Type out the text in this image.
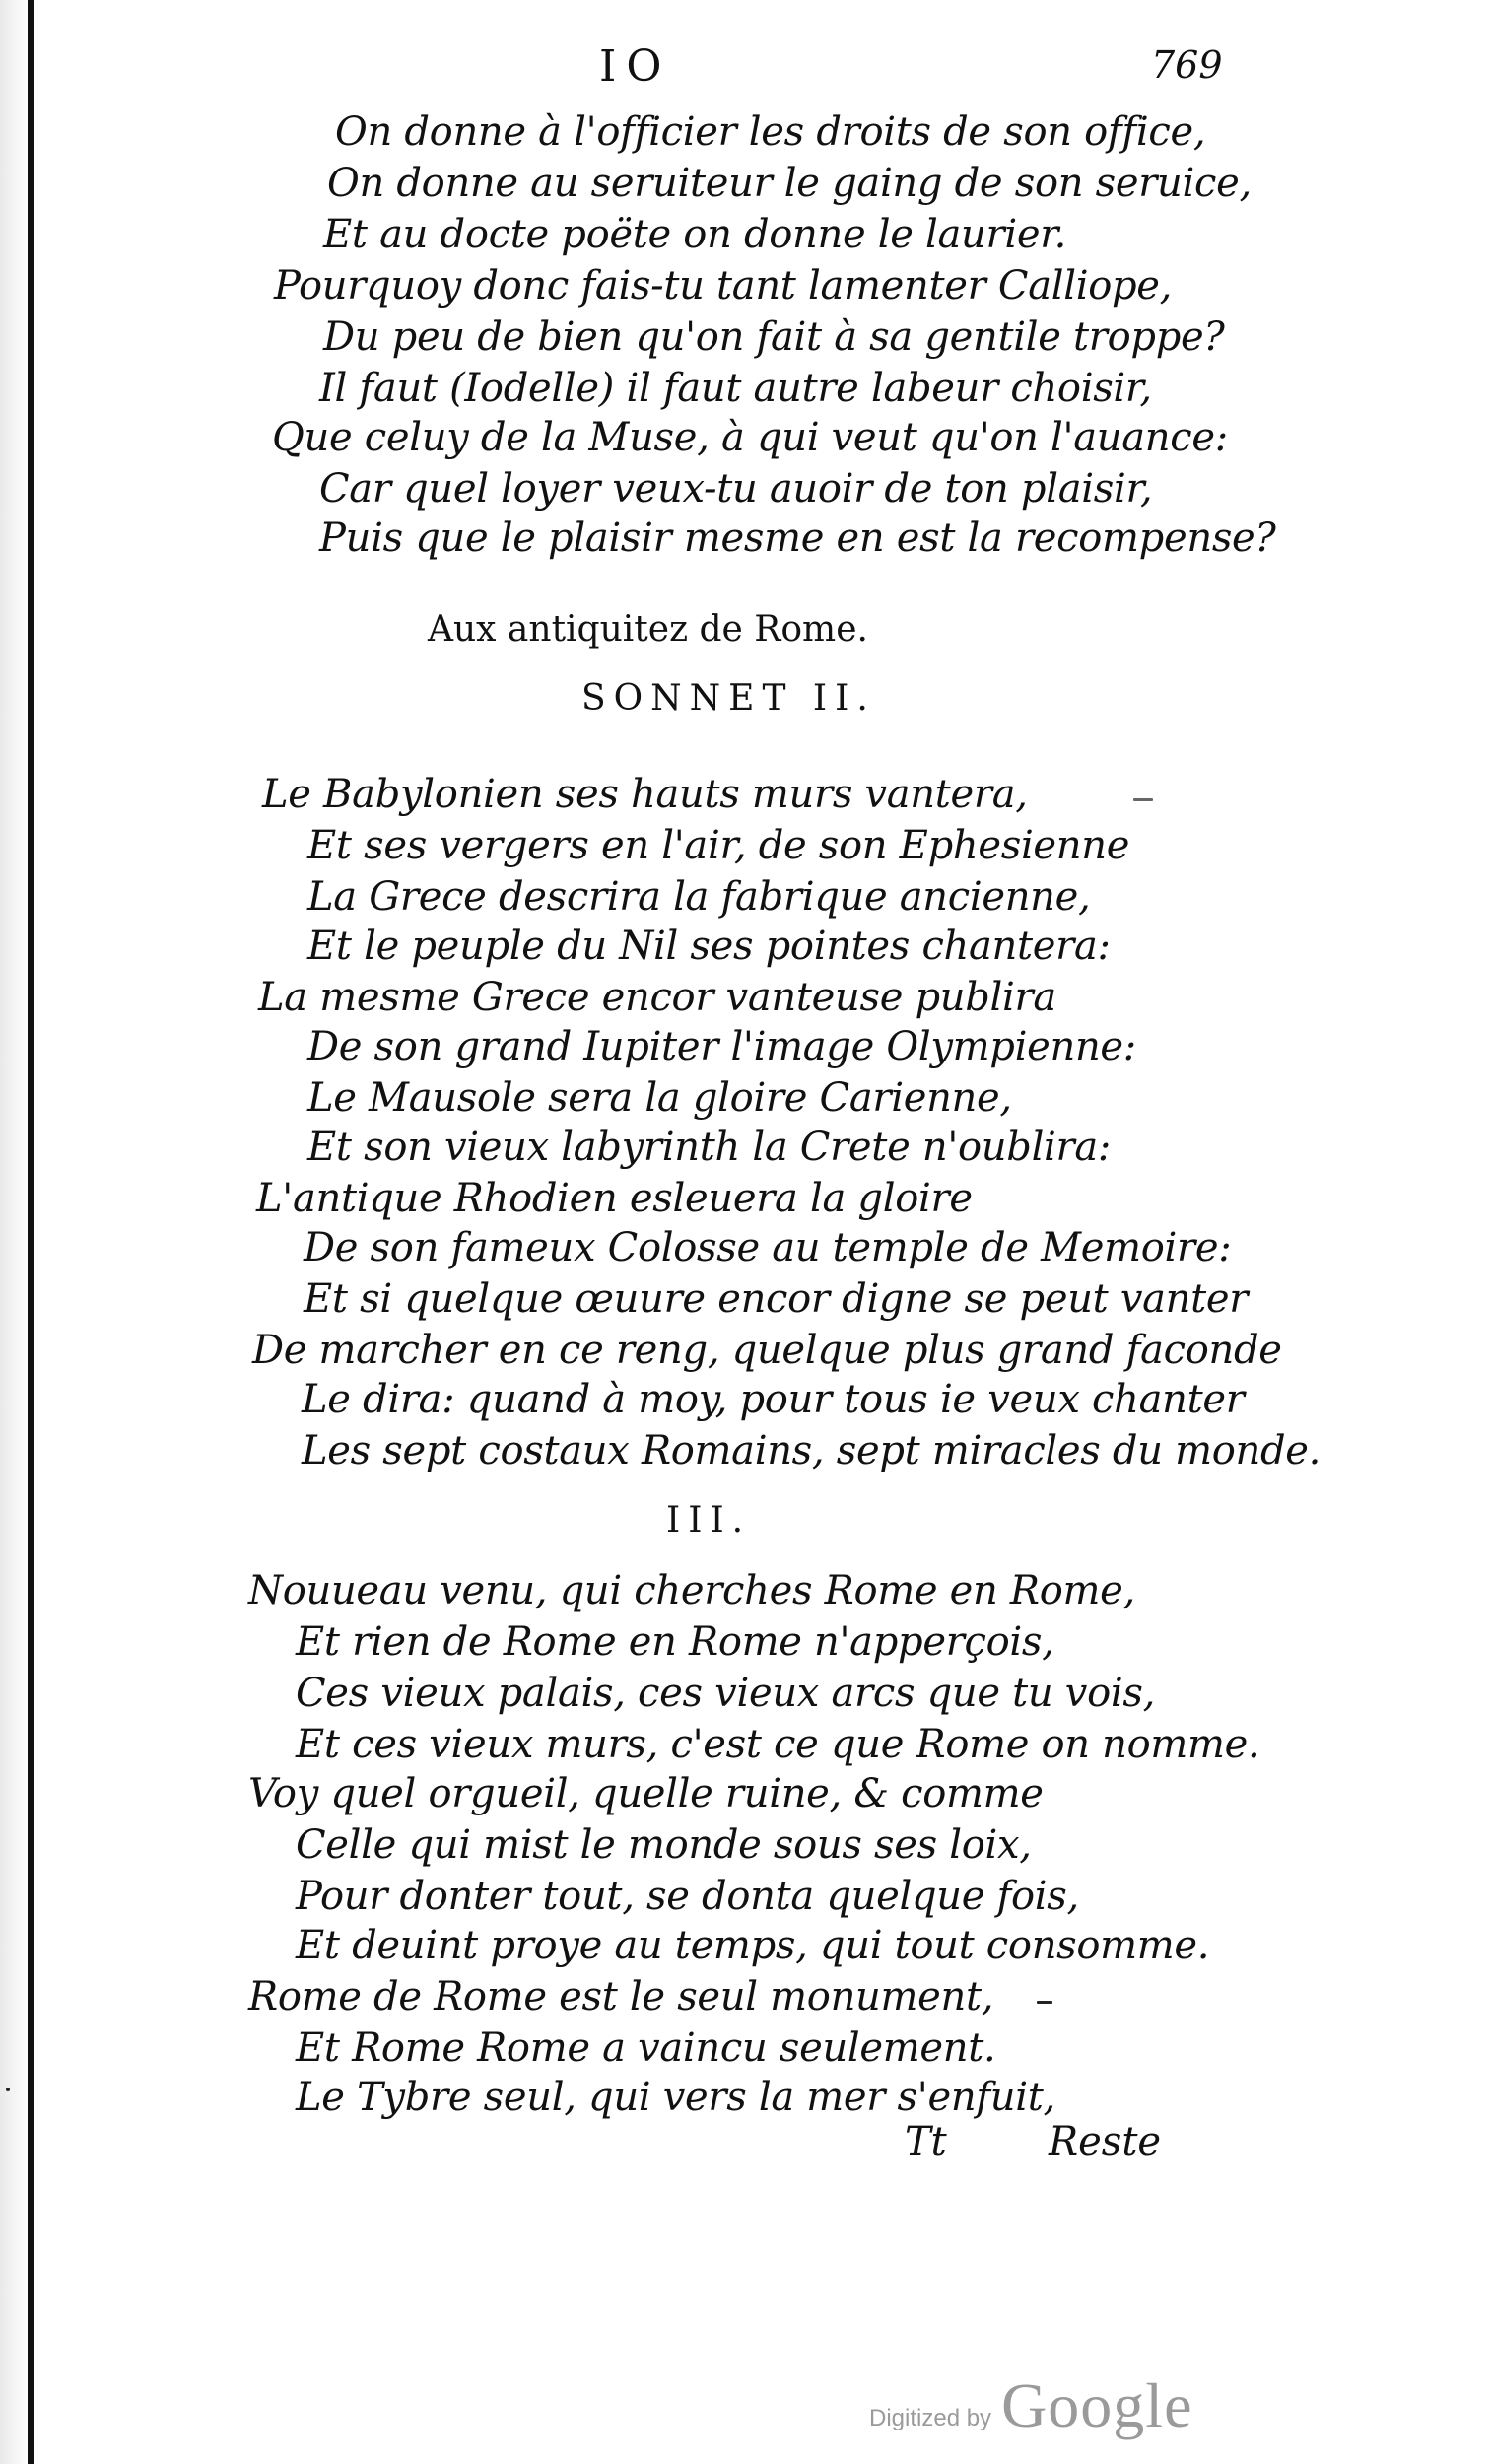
IO	769
On donne à l'officier les droits de son office,
On donne au seruiteur le gaing de son seruice,
Et au docte poëte on donne le laurier.
Pourquoy donc fais-tu tant lamenter Calliope,
Du peu de bien qu'on fait à sa gentile troppe?
Il faut (Iodelle) il faut autre labeur choisir,
Que celuy de la Muse, à qui veut qu'on l'auance:
Car quel loyer veux-tu auoir de ton plaisir,
Puis que le plaisir mesme en est la recompense?
Aux antiquitez de Rome.
SONNET II.
Le Babylonien ses hauts murs vantera,
Et ses vergers en l'air, de son Ephesienne
La Grece descrira la fabrique ancienne,
Et le peuple du Nil ses pointes chantera:
La mesme Grece encor vanteuse publira
De son grand Iupiter l'image Olympienne:
Le Mausole sera la gloire Carienne,
Et son vieux labyrinth la Crete n'oublira:
L'antique Rhodien esleuera la gloire
De son fameux Colosse au temple de Memoire:
Et si quelque œuure encor digne se peut vanter
De marcher en ce reng, quelque plus grand faconde
Le dira: quand à moy, pour tous ie veux chanter
Les sept costaux Romains, sept miracles du monde.
III.
Nouueau venu, qui cherches Rome en Rome,
Et rien de Rome en Rome n'apperçois,
Ces vieux palais, ces vieux arcs que tu vois,
Et ces vieux murs, c'est ce que Rome on nomme.
Voy quel orgueil, quelle ruine, & comme
Celle qui mist le monde sous ses loix,
Pour donter tout, se donta quelque fois,
Et deuint proye au temps, qui tout consomme.
Rome de Rome est le seul monument,
Et Rome Rome a vaincu seulement.
Le Tybre seul, qui vers la mer s'enfuit,
Tt	Reste
Digitized by Google
